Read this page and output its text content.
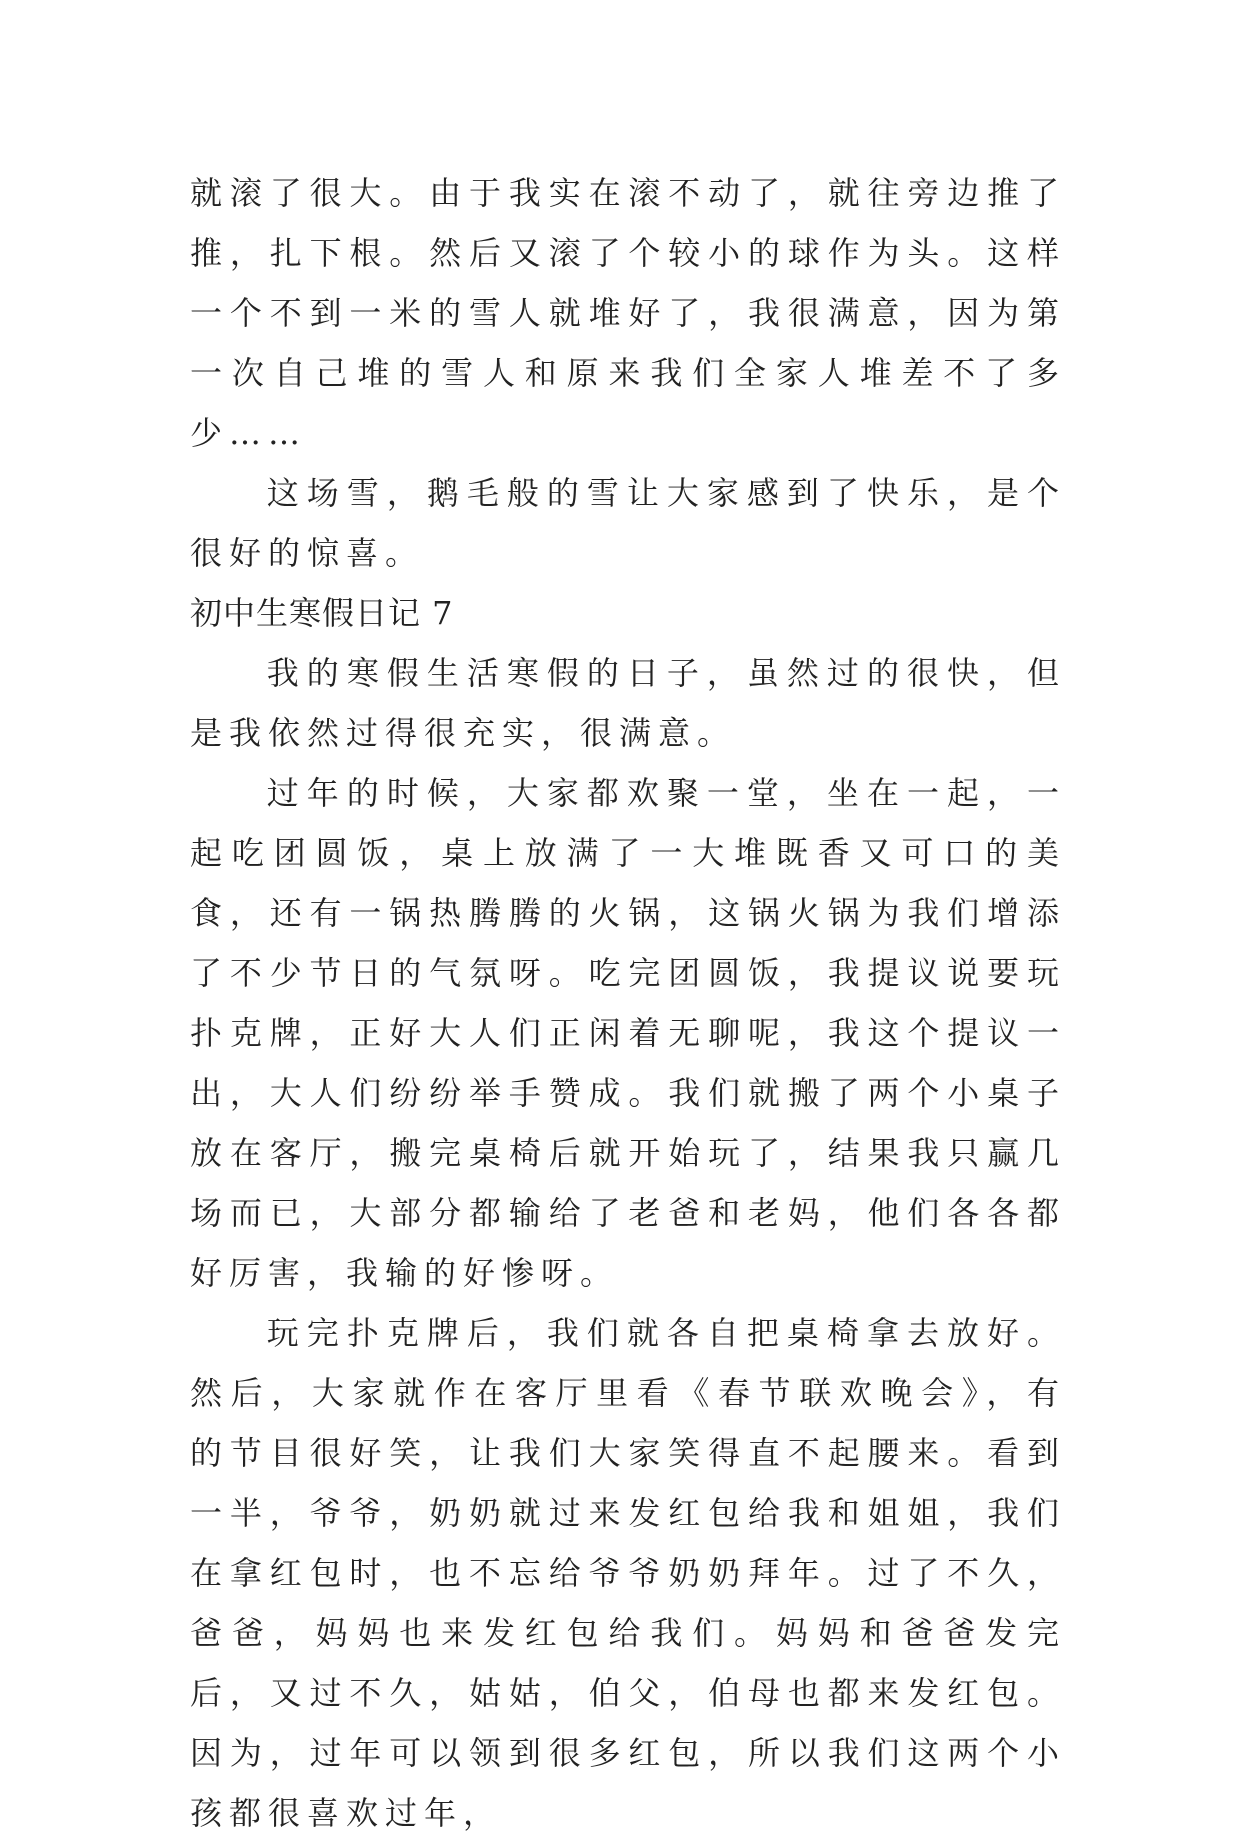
就滚了很大。由于我实在滚不动了，就往旁边推了推，扎下根。然后又滚了个较小的球作为头。这样一个不到一米的雪人就堆好了，我很满意，因为第一次自己堆的雪人和原来我们全家人堆差不了多少……

这场雪，鹅毛般的雪让大家感到了快乐，是个很好的惊喜。

初中生寒假日记 7

我的寒假生活寒假的日子，虽然过的很快，但是我依然过得很充实，很满意。

过年的时候，大家都欢聚一堂，坐在一起，一起吃团圆饭，桌上放满了一大堆既香又可口的美食，还有一锅热腾腾的火锅，这锅火锅为我们增添了不少节日的气氛呀。吃完团圆饭，我提议说要玩扑克牌，正好大人们正闲着无聊呢，我这个提议一出，大人们纷纷举手赞成。我们就搬了两个小桌子放在客厅，搬完桌椅后就开始玩了，结果我只赢几场而已，大部分都输给了老爸和老妈，他们各各都好厉害，我输的好惨呀。

玩完扑克牌后，我们就各自把桌椅拿去放好。然后，大家就作在客厅里看《春节联欢晚会》，有的节目很好笑，让我们大家笑得直不起腰来。看到一半，爷爷，奶奶就过来发红包给我和姐姐，我们在拿红包时，也不忘给爷爷奶奶拜年。过了不久，爸爸，妈妈也来发红包给我们。妈妈和爸爸发完后，又过不久，姑姑，伯父，伯母也都来发红包。因为，过年可以领到很多红包，所以我们这两个小孩都很喜欢过年，
